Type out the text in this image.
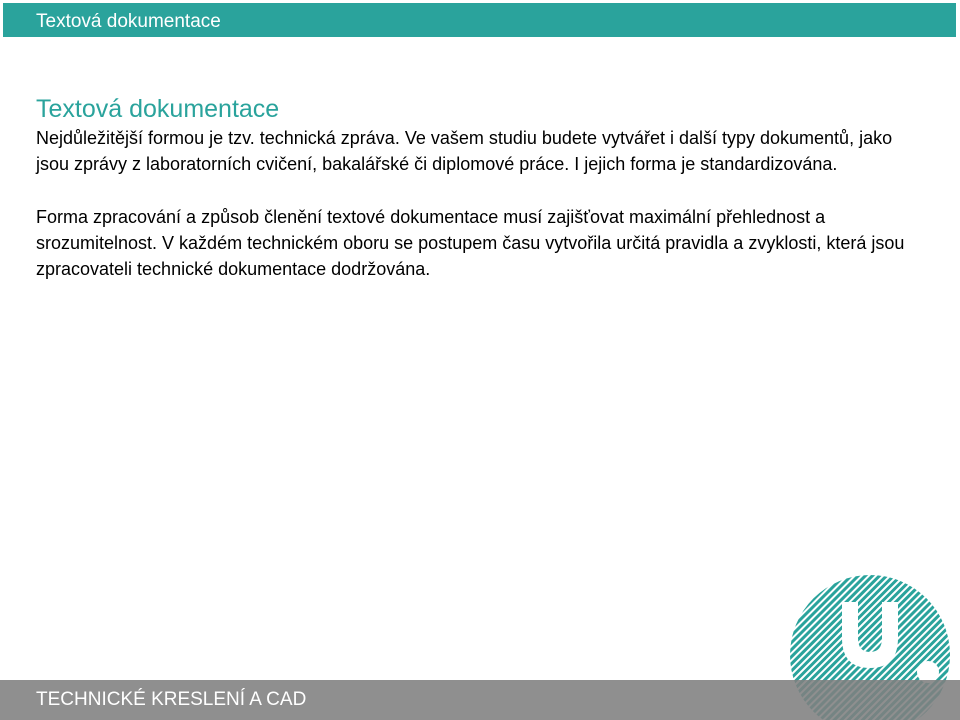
Textová dokumentace
Textová dokumentace

Nejdůležitější formou je tzv. technická zpráva. Ve vašem studiu budete vytvářet i další typy dokumentů, jako jsou zprávy z laboratorních cvičení, bakalářské či diplomové práce. I jejich forma je standardizována.

Forma zpracování a způsob členění textové dokumentace musí zajišťovat maximální přehlednost a srozumitelnost. V každém technickém oboru se postupem času vytvořila určitá pravidla a zvyklosti, která jsou zpracovateli technické dokumentace dodržována.

TECHNICKÉ KRESLENÍ A CAD
